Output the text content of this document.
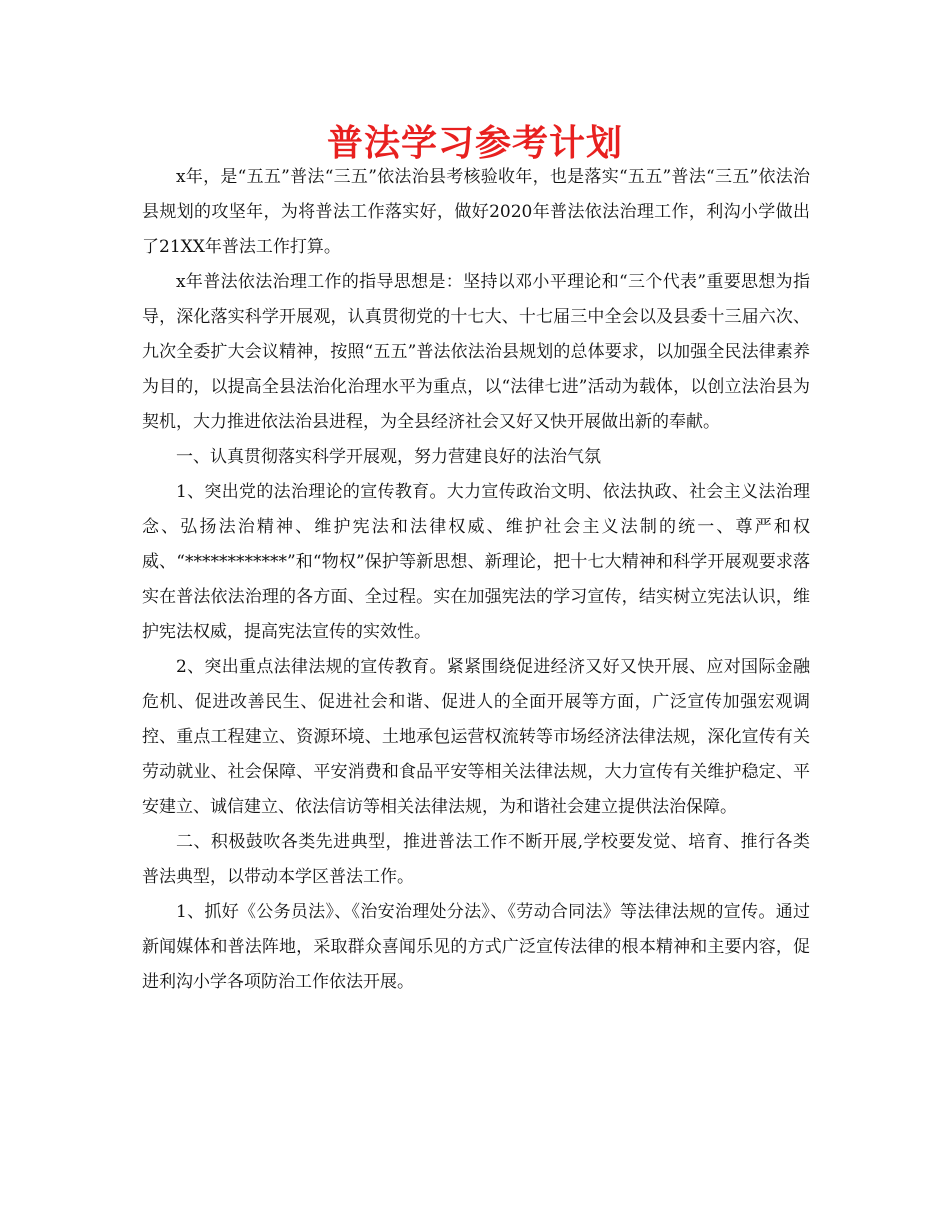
普法学习参考计划

x年，是“五五”普法“三五”依法治县考核验收年，也是落实“五五”普法“三五”依法治县规划的攻坚年，为将普法工作落实好，做好2020年普法依法治理工作，利沟小学做出了21XX年普法工作打算。

x年普法依法治理工作的指导思想是：坚持以邓小平理论和“三个代表”重要思想为指导，深化落实科学开展观，认真贯彻党的十七大、十七届三中全会以及县委十三届六次、九次全委扩大会议精神，按照“五五”普法依法治县规划的总体要求，以加强全民法律素养为目的，以提高全县法治化治理水平为重点，以“法律七进”活动为载体，以创立法治县为契机，大力推进依法治县进程，为全县经济社会又好又快开展做出新的奉献。

一、认真贯彻落实科学开展观，努力营建良好的法治气氛

1、突出党的法治理论的宣传教育。大力宣传政治文明、依法执政、社会主义法治理念、弘扬法治精神、维护宪法和法律权威、维护社会主义法制的统一、尊严和权威、“************”和“物权”保护等新思想、新理论，把十七大精神和科学开展观要求落实在普法依法治理的各方面、全过程。实在加强宪法的学习宣传，结实树立宪法认识，维护宪法权威，提高宪法宣传的实效性。

2、突出重点法律法规的宣传教育。紧紧围绕促进经济又好又快开展、应对国际金融危机、促进改善民生、促进社会和谐、促进人的全面开展等方面，广泛宣传加强宏观调控、重点工程建立、资源环境、土地承包运营权流转等市场经济法律法规，深化宣传有关劳动就业、社会保障、平安消费和食品平安等相关法律法规，大力宣传有关维护稳定、平安建立、诚信建立、依法信访等相关法律法规，为和谐社会建立提供法治保障。

二、积极鼓吹各类先进典型，推进普法工作不断开展,学校要发觉、培育、推行各类普法典型，以带动本学区普法工作。

1、抓好《公务员法》、《治安治理处分法》、《劳动合同法》等法律法规的宣传。通过新闻媒体和普法阵地，采取群众喜闻乐见的方式广泛宣传法律的根本精神和主要内容，促进利沟小学各项防治工作依法开展。
